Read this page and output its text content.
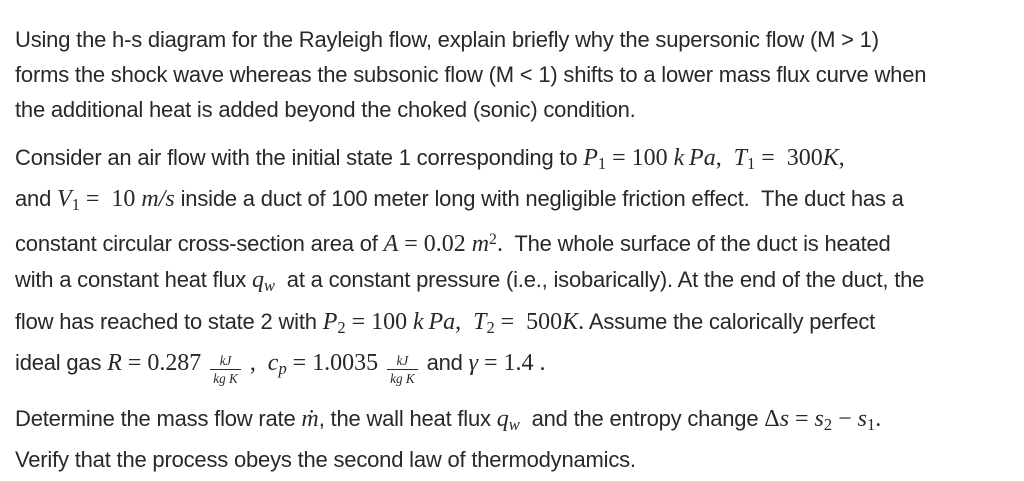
Using the h-s diagram for the Rayleigh flow, explain briefly why the supersonic flow (M > 1)
forms the shock wave whereas the subsonic flow (M < 1) shifts to a lower mass flux curve when
the additional heat is added beyond the choked (sonic) condition.
Consider an air flow with the initial state 1 corresponding to P1 = 100 k Pa,  T1 =  300K,
and V1 =  10 m/s inside a duct of 100 meter long with negligible friction effect.  The duct has a
constant circular cross-section area of A = 0.02 $m^2$.  The whole surface of the duct is heated
with a constant heat flux qw  at a constant pressure (i.e., isobarically). At the end of the duct, the
flow has reached to state 2 with P2 = 100 k Pa,  T2 =  500K. Assume the calorically perfect
ideal gas $R = 0.287 \frac{kJ}{\text{kg K}}$ ,  cp = $1.0035 \frac{kJ}{\text{kg K}}$ and γ = 1.4 .
Determine the mass flow rate ṁ, the wall heat flux qw  and the entropy change Δs = s2 − s1.
Verify that the process obeys the second law of thermodynamics.
